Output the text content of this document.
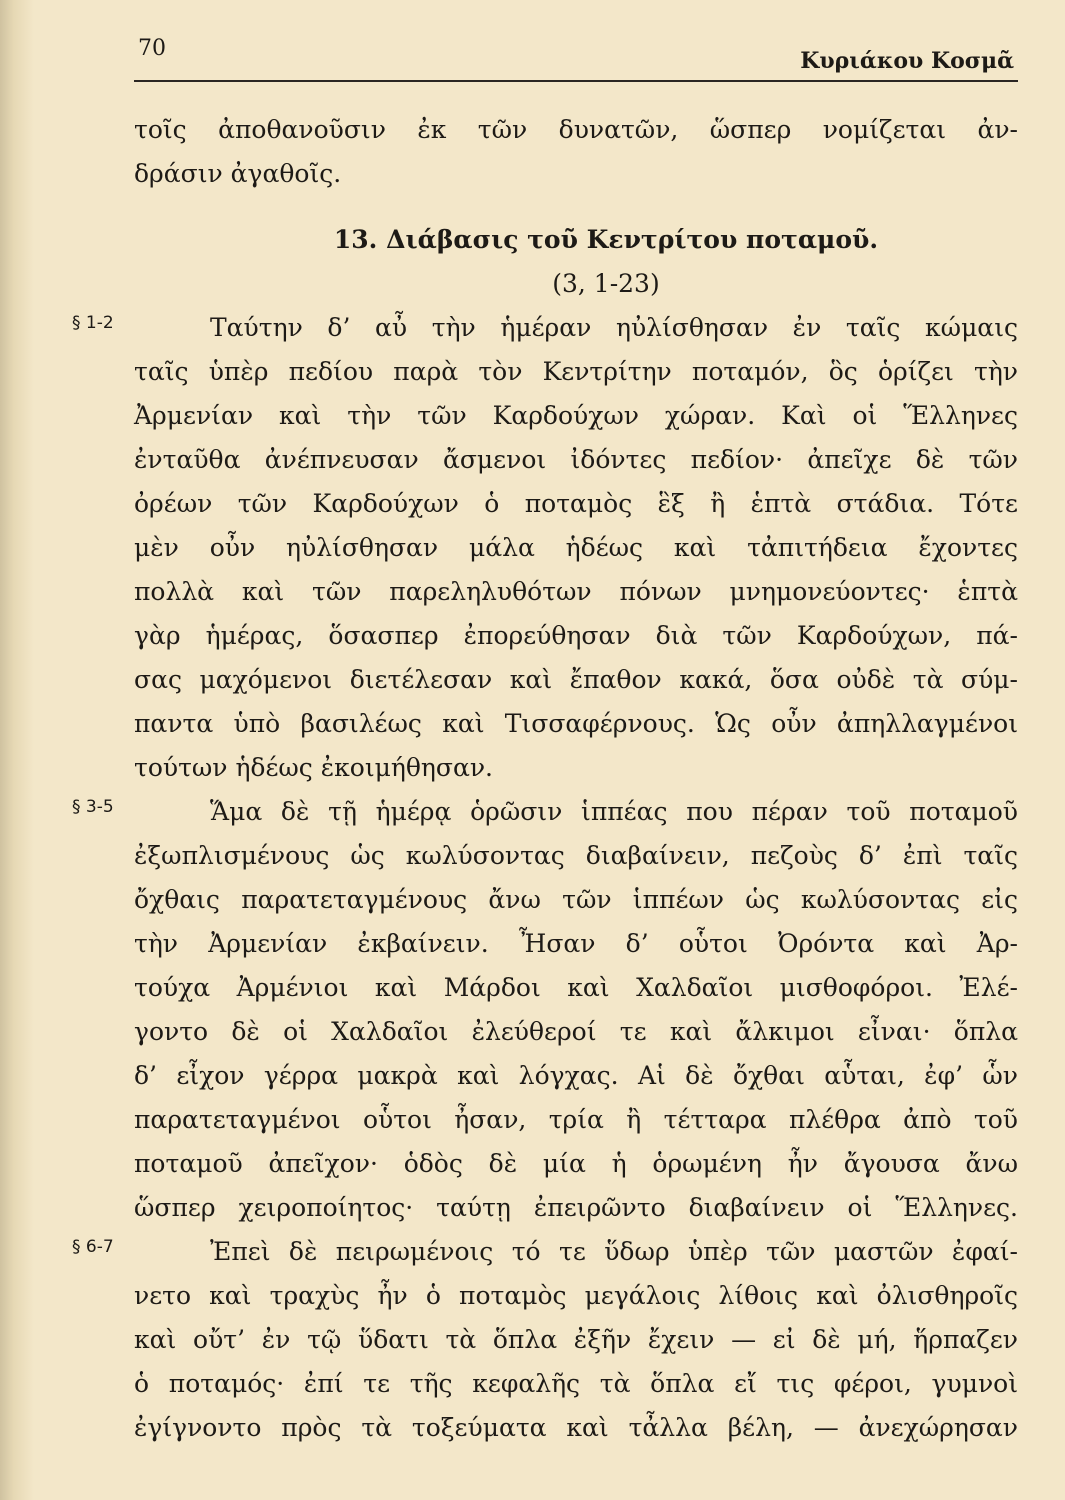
70	Κυριάκου Κοσμᾶ
τοῖς ἀποθανοῦσιν ἐκ τῶν δυνατῶν, ὥσπερ νομίζεται ἀν-
δράσιν ἀγαθοῖς.
13. Διάβασις τοῦ Κεντρίτου ποταμοῦ.
(3, 1-23)
§ 1-2	Ταύτην δ’ αὖ τὴν ἡμέραν ηὐλίσθησαν ἐν ταῖς κώμαις
ταῖς ὑπὲρ πεδίου παρὰ τὸν Κεντρίτην ποταμόν, ὃς ὁρίζει τὴν
Ἀρμενίαν καὶ τὴν τῶν Καρδούχων χώραν. Καὶ οἱ Ἕλληνες
ἐνταῦθα ἀνέπνευσαν ἄσμενοι ἰδόντες πεδίον· ἀπεῖχε δὲ τῶν
ὀρέων τῶν Καρδούχων ὁ ποταμὸς ἓξ ἢ ἑπτὰ στάδια. Τότε
μὲν οὖν ηὐλίσθησαν μάλα ἡδέως καὶ τἀπιτήδεια ἔχοντες
πολλὰ καὶ τῶν παρεληλυθότων πόνων μνημονεύοντες· ἑπτὰ
γὰρ ἡμέρας, ὅσασπερ ἐπορεύθησαν διὰ τῶν Καρδούχων, πά-
σας μαχόμενοι διετέλεσαν καὶ ἔπαθον κακά, ὅσα οὐδὲ τὰ σύμ-
παντα ὑπὸ βασιλέως καὶ Τισσαφέρνους. Ὡς οὖν ἀπηλλαγμένοι
τούτων ἡδέως ἐκοιμήθησαν.
§ 3-5	Ἅμα δὲ τῇ ἡμέρᾳ ὁρῶσιν ἱππέας που πέραν τοῦ ποταμοῦ
ἐξωπλισμένους ὡς κωλύσοντας διαβαίνειν, πεζοὺς δ’ ἐπὶ ταῖς
ὄχθαις παρατεταγμένους ἄνω τῶν ἱππέων ὡς κωλύσοντας εἰς
τὴν Ἀρμενίαν ἐκβαίνειν. Ἦσαν δ’ οὗτοι Ὀρόντα καὶ Ἀρ-
τούχα Ἀρμένιοι καὶ Μάρδοι καὶ Χαλδαῖοι μισθοφόροι. Ἐλέ-
γοντο δὲ οἱ Χαλδαῖοι ἐλεύθεροί τε καὶ ἄλκιμοι εἶναι· ὅπλα
δ’ εἶχον γέρρα μακρὰ καὶ λόγχας. Αἱ δὲ ὄχθαι αὗται, ἐφ’ ὧν
παρατεταγμένοι οὗτοι ἦσαν, τρία ἢ τέτταρα πλέθρα ἀπὸ τοῦ
ποταμοῦ ἀπεῖχον· ὁδὸς δὲ μία ἡ ὁρωμένη ἦν ἄγουσα ἄνω
ὥσπερ χειροποίητος· ταύτῃ ἐπειρῶντο διαβαίνειν οἱ Ἕλληνες.
§ 6-7	Ἐπεὶ δὲ πειρωμένοις τό τε ὕδωρ ὑπὲρ τῶν μαστῶν ἐφαί-
νετο καὶ τραχὺς ἦν ὁ ποταμὸς μεγάλοις λίθοις καὶ ὀλισθηροῖς
καὶ οὔτ’ ἐν τῷ ὕδατι τὰ ὅπλα ἐξῆν ἔχειν — εἰ δὲ μή, ἥρπαζεν
ὁ ποταμός· ἐπί τε τῆς κεφαλῆς τὰ ὅπλα εἴ τις φέροι, γυμνοὶ
ἐγίγνοντο πρὸς τὰ τοξεύματα καὶ τἆλλα βέλη, — ἀνεχώρησαν
